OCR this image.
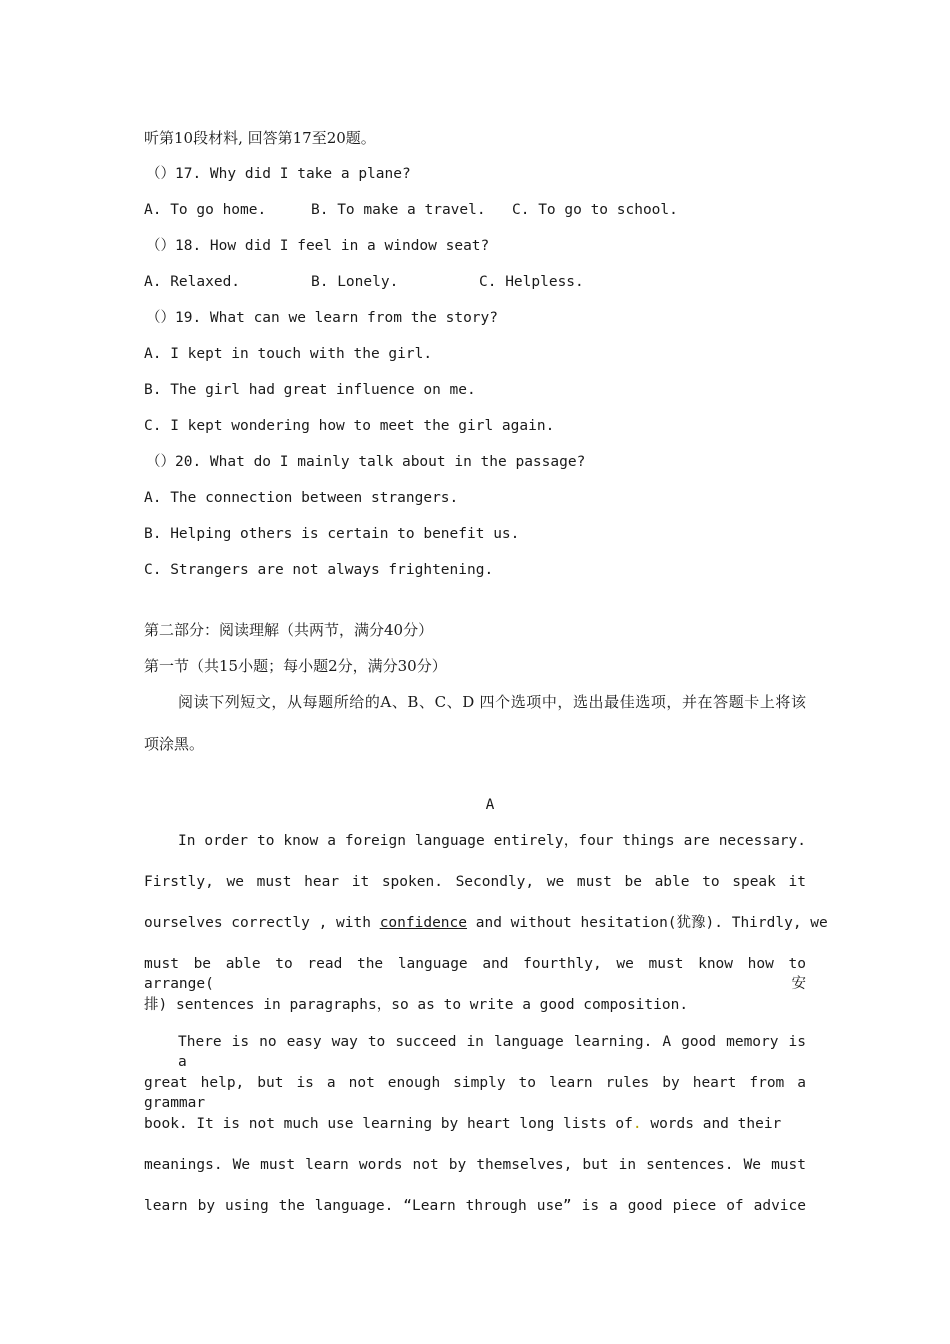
听第10段材料, 回答第17至20题。
（）17. Why did I take a plane?
A. To go home.	B. To make a travel. C. To go to school.
（）18. How did I feel in a window seat?
A. Relaxed.	B. Lonely.	C. Helpless.
（）19. What can we learn from the story?
A. I kept in touch with the girl.
B. The girl had great influence on me.
C. I kept wondering how to meet the girl again.
（）20. What do I mainly talk about in the passage?
A. The connection between strangers.
B. Helping others is certain to benefit us.
C. Strangers are not always frightening.
第二部分：阅读理解（共两节，满分40分）
第一节（共15小题；每小题2分，满分30分）
阅读下列短文，从每题所给的A、B、C、D 四个选项中，选出最佳选项，并在答题卡上将该
项涂黑。
A
In order to know a foreign language entirely，four things are necessary.
Firstly, we must hear it spoken. Secondly, we must be able to speak it
ourselves correctly , with confidence and without hesitation(犹豫). Thirdly, we
must be able to read the language and fourthly, we must know how to arrange(安
排) sentences in paragraphs，so as to write a good composition.
There is no easy way to succeed in language learning. A good memory is a
great help, but is a not enough simply to learn rules by heart from a grammar
book. It is not much use learning by heart long lists of. words and their
meanings. We must learn words not by themselves, but in sentences. We must
learn by using the language. “Learn through use” is a good piece of advice
